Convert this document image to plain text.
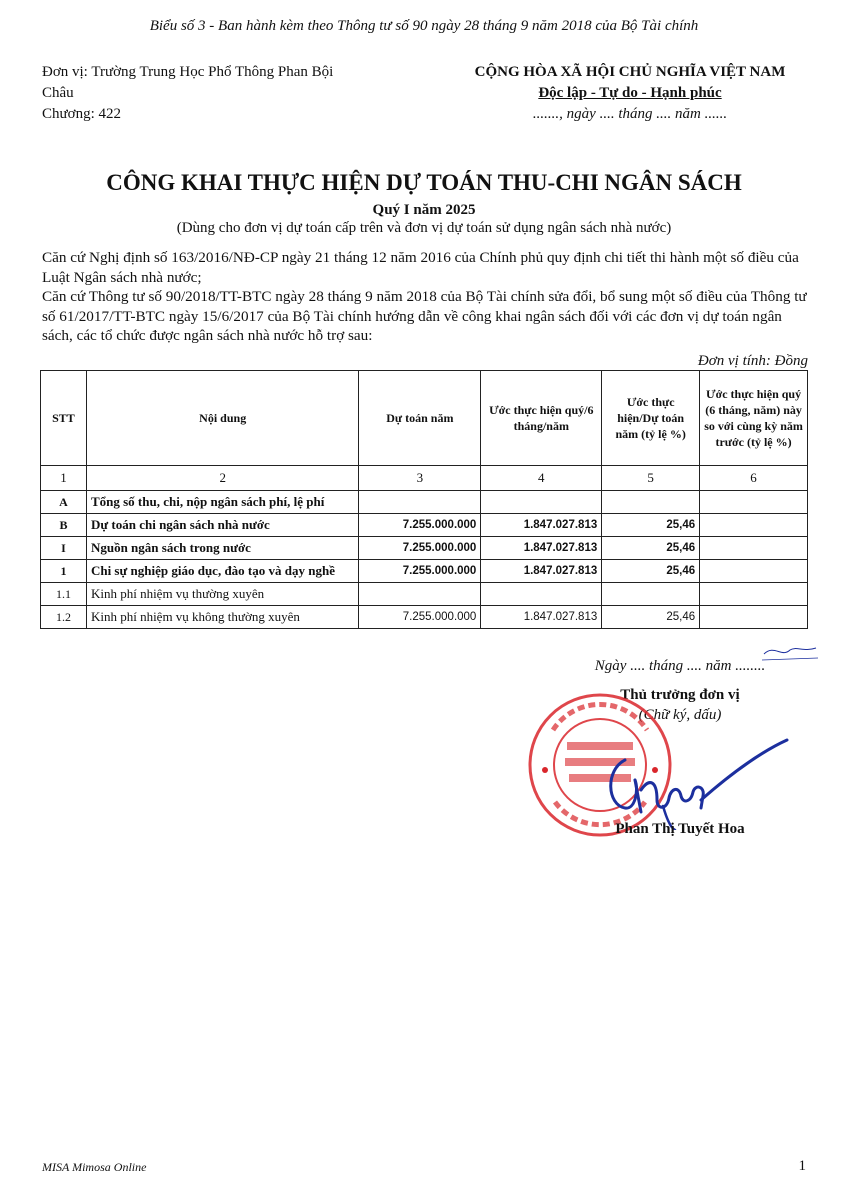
Biểu số 3 - Ban hành kèm theo Thông tư số 90 ngày 28 tháng 9 năm 2018 của Bộ Tài chính
Đơn vị: Trường Trung Học Phổ Thông Phan Bội
Châu
Chương: 422
CỘNG HÒA XÃ HỘI CHỦ NGHĨA VIỆT NAM
Độc lập - Tự do - Hạnh phúc
......., ngày .... tháng .... năm ......
CÔNG KHAI THỰC HIỆN DỰ TOÁN THU-CHI NGÂN SÁCH
Quý I năm 2025
(Dùng cho đơn vị dự toán cấp trên và đơn vị dự toán sử dụng ngân sách nhà nước)

Căn cứ Nghị định số 163/2016/NĐ-CP ngày 21 tháng 12 năm 2016 của Chính phủ quy định chi tiết thi hành một số điều của Luật Ngân sách nhà nước;

Căn cứ Thông tư số 90/2018/TT-BTC ngày 28 tháng 9 năm 2018 của Bộ Tài chính sửa đổi, bổ sung một số điều của Thông tư số 61/2017/TT-BTC ngày 15/6/2017 của Bộ Tài chính hướng dẫn về công khai ngân sách đối với các đơn vị dự toán ngân sách, các tổ chức được ngân sách nhà nước hỗ trợ sau:

Đơn vị tính: Đồng
STT	Nội dung	Dự toán năm	Ước thực hiện quý/6 tháng/năm	Ước thực hiện/Dự toán năm (tỷ lệ %)	Ước thực hiện quý (6 tháng, năm) này so với cùng kỳ năm trước (tỷ lệ %)
1	2	3	4	5	6
A	Tổng số thu, chi, nộp ngân sách phí, lệ phí				
B	Dự toán chi ngân sách nhà nước	7.255.000.000	1.847.027.813	25,46	
I	Nguồn ngân sách trong nước	7.255.000.000	1.847.027.813	25,46	
1	Chi sự nghiệp giáo dục, đào tạo và dạy nghề	7.255.000.000	1.847.027.813	25,46	
1.1	Kinh phí nhiệm vụ thường xuyên				
1.2	Kinh phí nhiệm vụ không thường xuyên	7.255.000.000	1.847.027.813	25,46	
Ngày .... tháng .... năm ........
Thủ trưởng đơn vị
(Chữ ký, dấu)
Phan Thị Tuyết Hoa
MISA Mimosa Online	1
